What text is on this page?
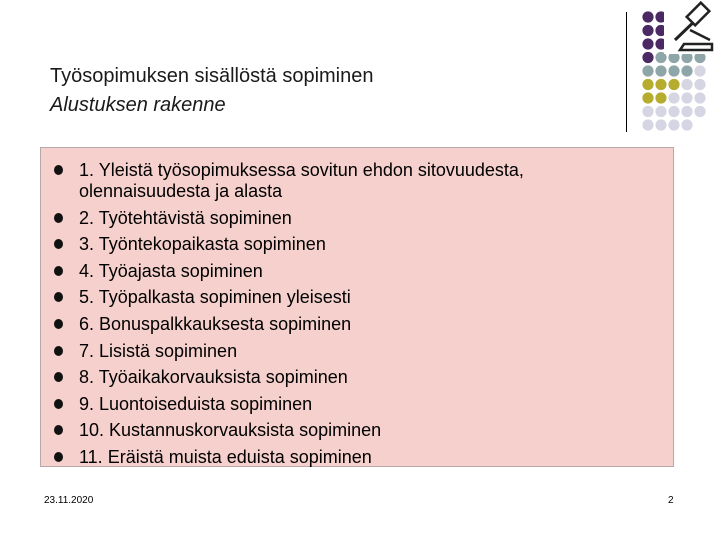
Työsopimuksen sisällöstä sopiminen
Alustuksen rakenne
1. Yleistä työsopimuksessa sovitun ehdon sitovuudesta, olennaisuudesta ja alasta
2. Työtehtävistä sopiminen
3. Työntekopaikasta sopiminen
4. Työajasta sopiminen
5. Työpalkasta sopiminen yleisesti
6. Bonuspalkkauksesta sopiminen
7. Lisistä sopiminen
8. Työaikakorvauksista sopiminen
9. Luontoiseduista sopiminen
10. Kustannuskorvauksista sopiminen
11. Eräistä muista eduista sopiminen
23.11.2020	2
